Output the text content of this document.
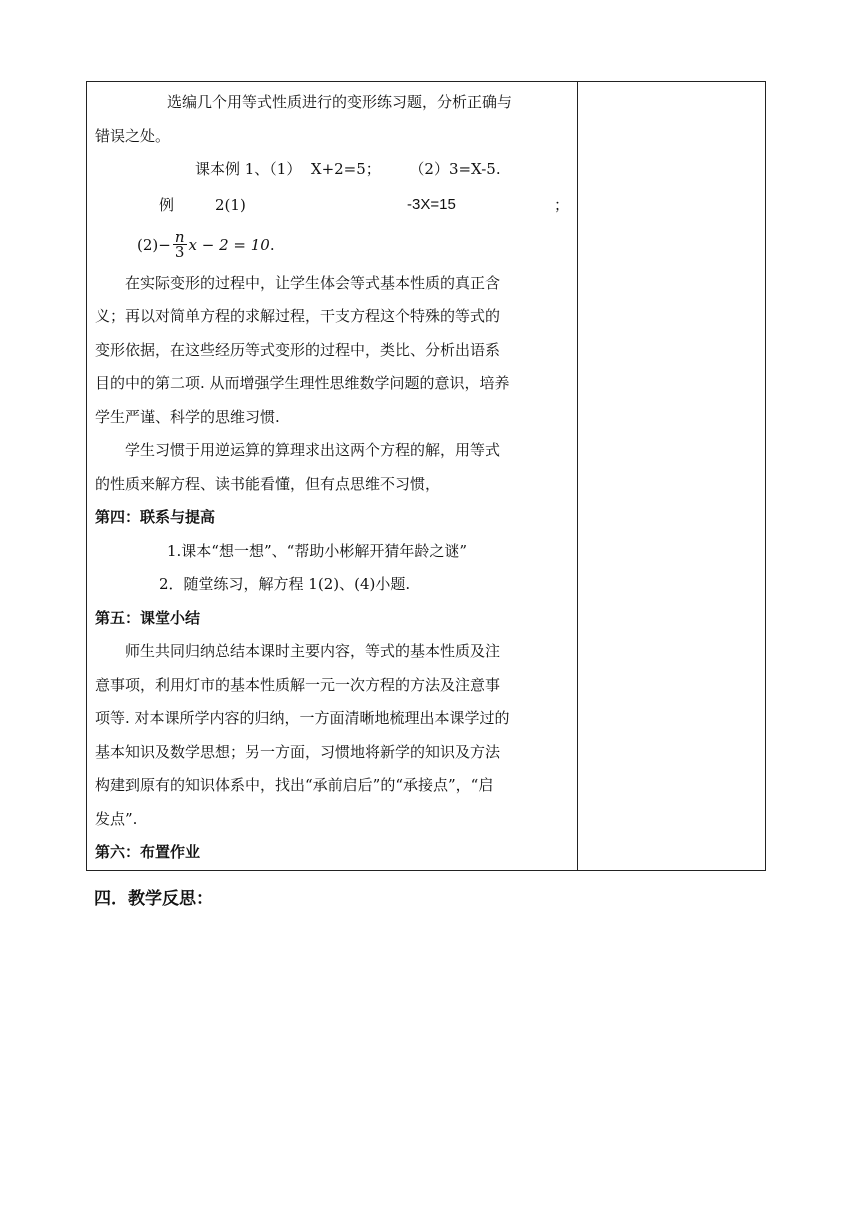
选编几个用等式性质进行的变形练习题，分析正确与

错误之处。

课本例 1、（1）  X+2=5；      （2）3=X-5.
例	2(1)	-3X=15	；
$(2) - \frac{n}{3}$ x − 2 = 10 .

在实际变形的过程中，让学生体会等式基本性质的真正含

义；再以对简单方程的求解过程，干支方程这个特殊的等式的

变形依据，在这些经历等式变形的过程中，类比、分析出语系

目的中的第二项. 从而增强学生理性思维数学问题的意识，培养

学生严谨、科学的思维习惯.

学生习惯于用逆运算的算理求出这两个方程的解，用等式

的性质来解方程、读书能看懂，但有点思维不习惯，

第四：联系与提高

1.课本“想一想”、“帮助小彬解开猜年龄之谜”
2．随堂练习，解方程 1(2)、(4)小题.

第五：课堂小结

师生共同归纳总结本课时主要内容，等式的基本性质及注

意事项，利用灯市的基本性质解一元一次方程的方法及注意事

项等. 对本课所学内容的归纳，一方面清晰地梳理出本课学过的

基本知识及数学思想；另一方面，习惯地将新学的知识及方法

构建到原有的知识体系中，找出“承前启后”的“承接点”，“启

发点”.

第六：布置作业

四．教学反思：
